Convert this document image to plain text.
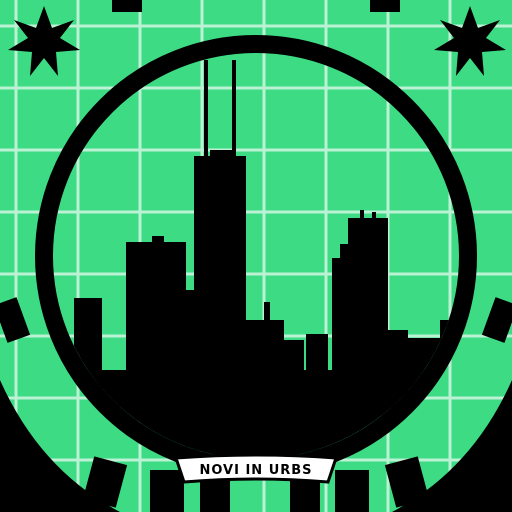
NOVI IN URBS
